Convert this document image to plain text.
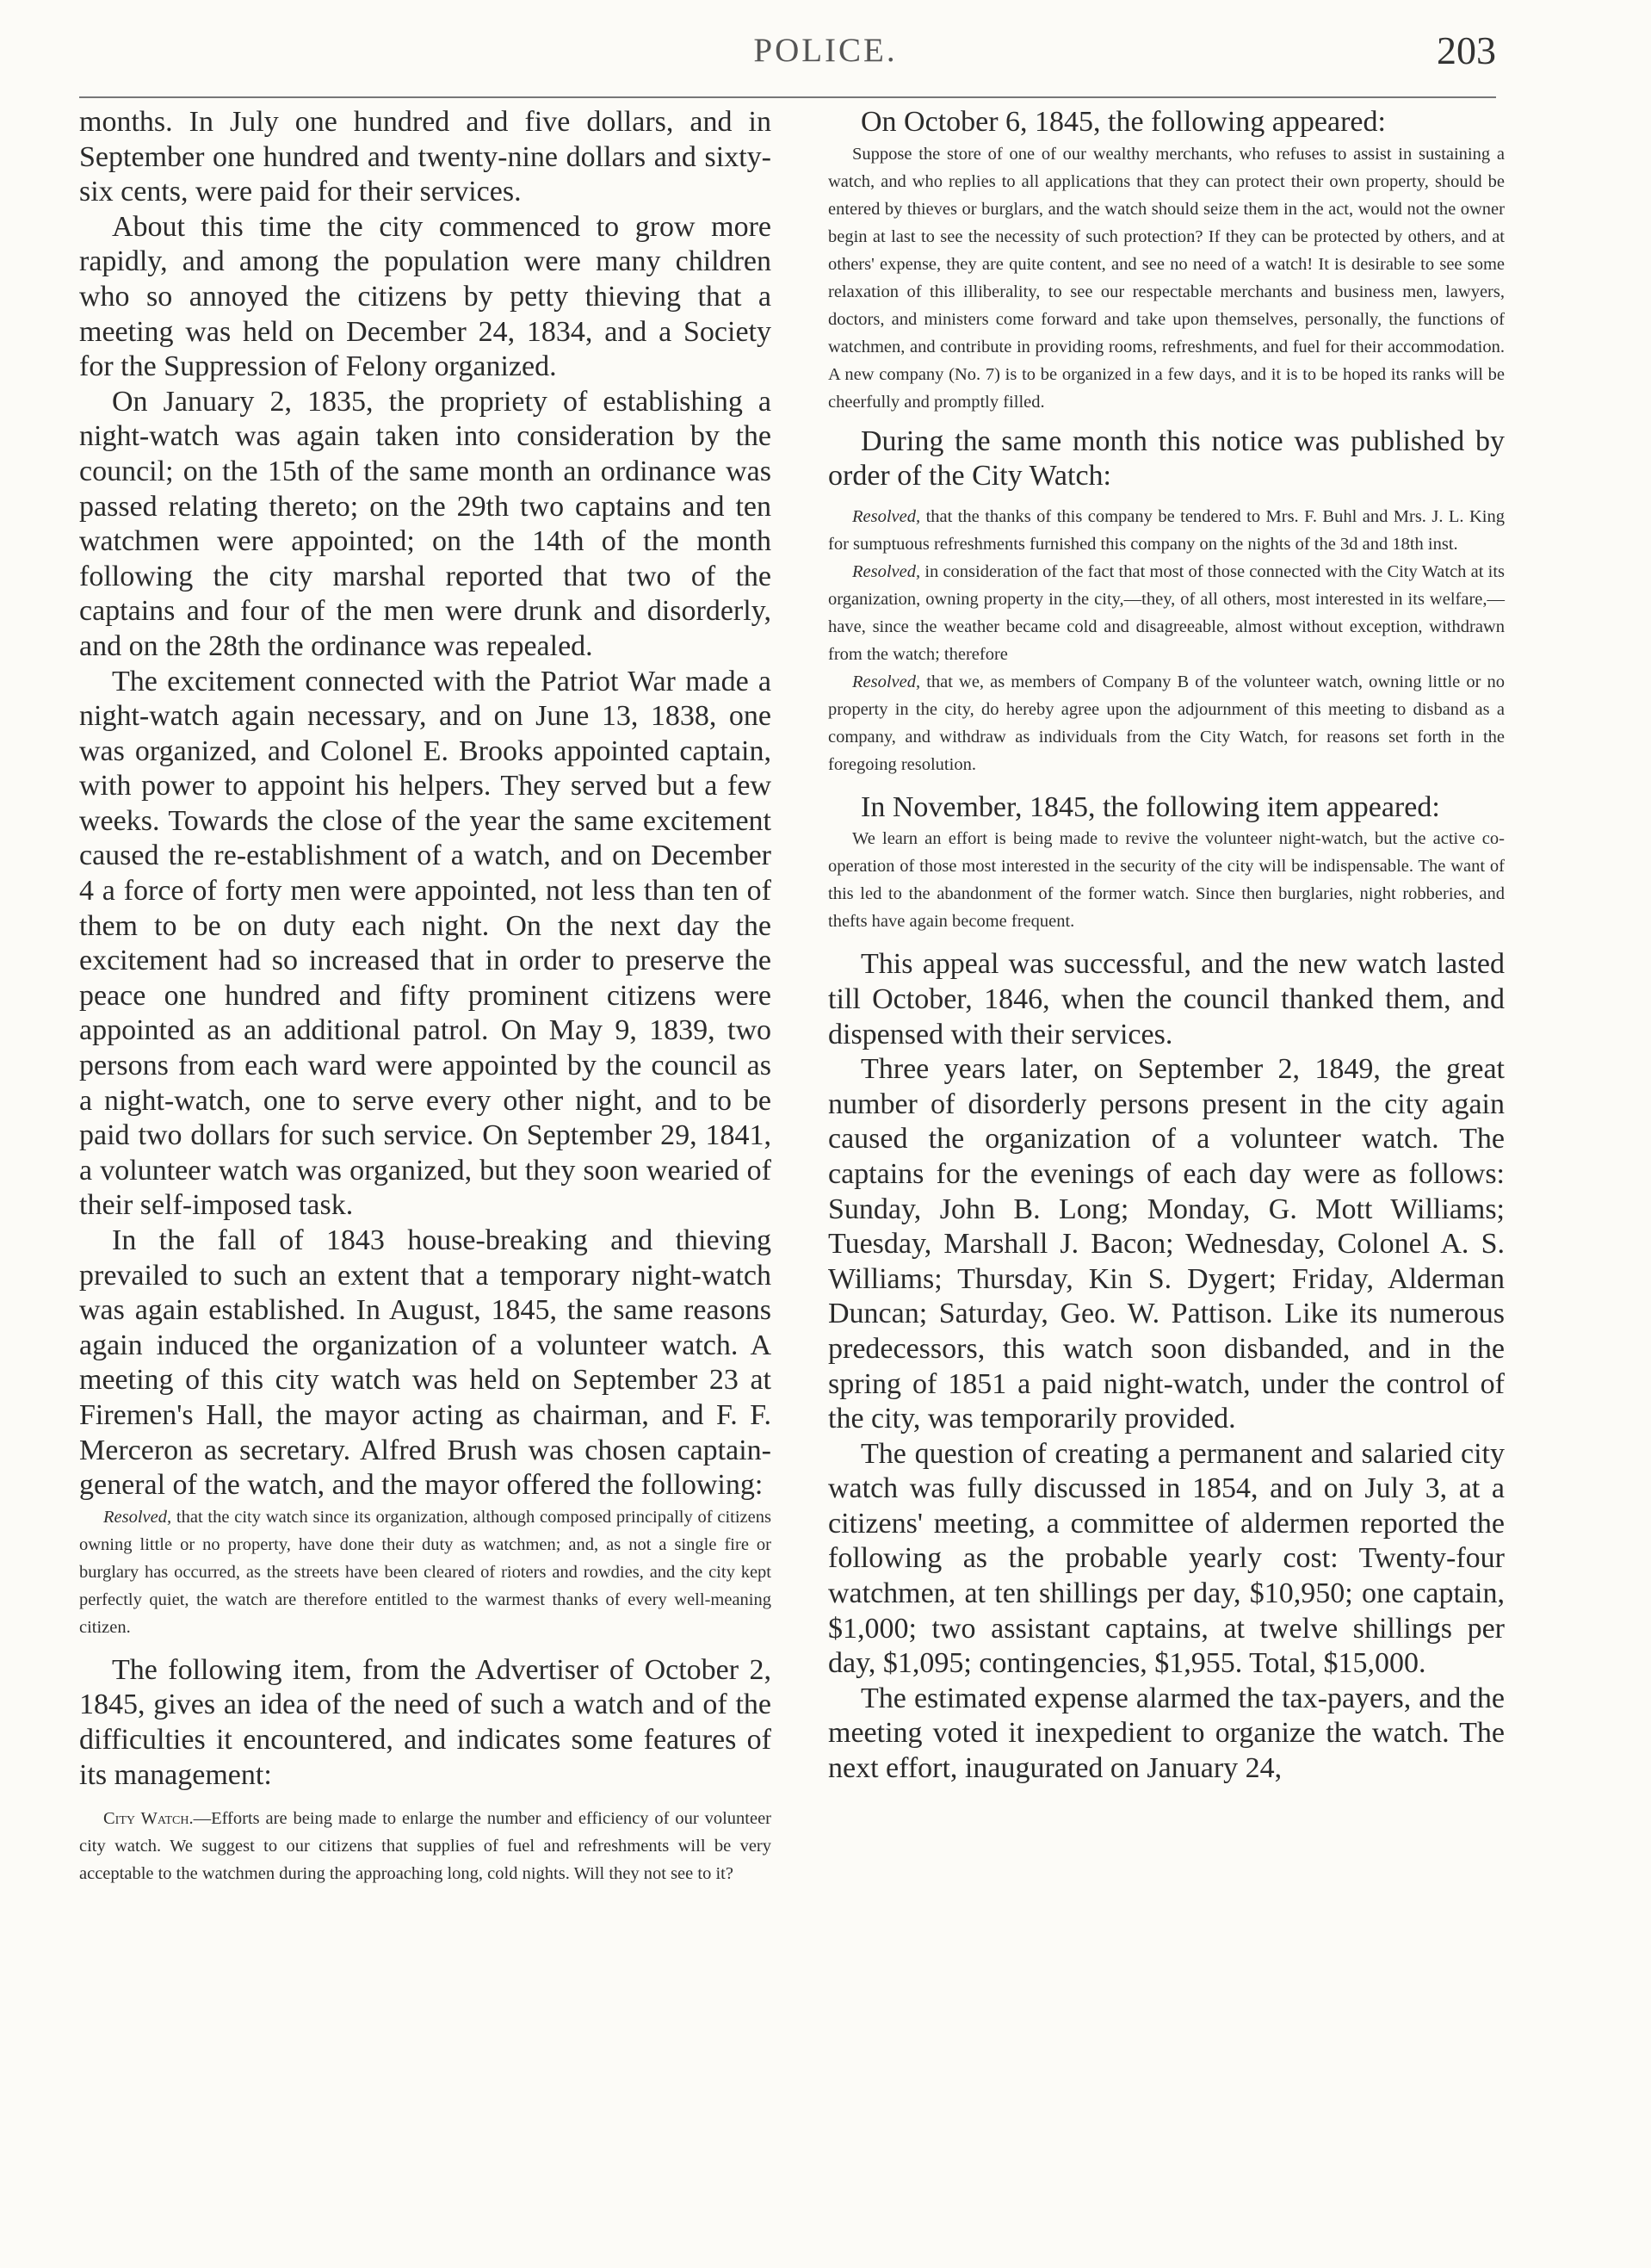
POLICE.	203

months. In July one hundred and five dollars, and in September one hundred and twenty-nine dollars and sixty-six cents, were paid for their services.

About this time the city commenced to grow more rapidly, and among the population were many children who so annoyed the citizens by petty thieving that a meeting was held on December 24, 1834, and a Society for the Suppression of Felony organized.

On January 2, 1835, the propriety of establishing a night-watch was again taken into consideration by the council; on the 15th of the same month an ordinance was passed relating thereto; on the 29th two captains and ten watchmen were appointed; on the 14th of the month following the city marshal reported that two of the captains and four of the men were drunk and disorderly, and on the 28th the ordinance was repealed.

The excitement connected with the Patriot War made a night-watch again necessary, and on June 13, 1838, one was organized, and Colonel E. Brooks appointed captain, with power to appoint his helpers. They served but a few weeks. Towards the close of the year the same excitement caused the re-establishment of a watch, and on December 4 a force of forty men were appointed, not less than ten of them to be on duty each night. On the next day the excitement had so increased that in order to preserve the peace one hundred and fifty prominent citizens were appointed as an additional patrol. On May 9, 1839, two persons from each ward were appointed by the council as a night-watch, one to serve every other night, and to be paid two dollars for such service. On September 29, 1841, a volunteer watch was organized, but they soon wearied of their self-imposed task.

In the fall of 1843 house-breaking and thieving prevailed to such an extent that a temporary night-watch was again established. In August, 1845, the same reasons again induced the organization of a volunteer watch. A meeting of this city watch was held on September 23 at Firemen's Hall, the mayor acting as chairman, and F. F. Merceron as secretary. Alfred Brush was chosen captain-general of the watch, and the mayor offered the following:

Resolved, that the city watch since its organization, although composed principally of citizens owning little or no property, have done their duty as watchmen; and, as not a single fire or burglary has occurred, as the streets have been cleared of rioters and rowdies, and the city kept perfectly quiet, the watch are therefore entitled to the warmest thanks of every well-meaning citizen.

The following item, from the Advertiser of October 2, 1845, gives an idea of the need of such a watch and of the difficulties it encountered, and indicates some features of its management:

City Watch.—Efforts are being made to enlarge the number and efficiency of our volunteer city watch. We suggest to our citizens that supplies of fuel and refreshments will be very acceptable to the watchmen during the approaching long, cold nights. Will they not see to it?

On October 6, 1845, the following appeared:

Suppose the store of one of our wealthy merchants, who refuses to assist in sustaining a watch, and who replies to all applications that they can protect their own property, should be entered by thieves or burglars, and the watch should seize them in the act, would not the owner begin at last to see the necessity of such protection? If they can be protected by others, and at others' expense, they are quite content, and see no need of a watch! It is desirable to see some relaxation of this illiberality, to see our respectable merchants and business men, lawyers, doctors, and ministers come forward and take upon themselves, personally, the functions of watchmen, and contribute in providing rooms, refreshments, and fuel for their accommodation. A new company (No. 7) is to be organized in a few days, and it is to be hoped its ranks will be cheerfully and promptly filled.

During the same month this notice was published by order of the City Watch:

Resolved, that the thanks of this company be tendered to Mrs. F. Buhl and Mrs. J. L. King for sumptuous refreshments furnished this company on the nights of the 3d and 18th inst.

Resolved, in consideration of the fact that most of those connected with the City Watch at its organization, owning property in the city,—they, of all others, most interested in its welfare,—have, since the weather became cold and disagreeable, almost without exception, withdrawn from the watch; therefore

Resolved, that we, as members of Company B of the volunteer watch, owning little or no property in the city, do hereby agree upon the adjournment of this meeting to disband as a company, and withdraw as individuals from the City Watch, for reasons set forth in the foregoing resolution.

In November, 1845, the following item appeared:

We learn an effort is being made to revive the volunteer night-watch, but the active co-operation of those most interested in the security of the city will be indispensable. The want of this led to the abandonment of the former watch. Since then burglaries, night robberies, and thefts have again become frequent.

This appeal was successful, and the new watch lasted till October, 1846, when the council thanked them, and dispensed with their services.

Three years later, on September 2, 1849, the great number of disorderly persons present in the city again caused the organization of a volunteer watch. The captains for the evenings of each day were as follows: Sunday, John B. Long; Monday, G. Mott Williams; Tuesday, Marshall J. Bacon; Wednesday, Colonel A. S. Williams; Thursday, Kin S. Dygert; Friday, Alderman Duncan; Saturday, Geo. W. Pattison. Like its numerous predecessors, this watch soon disbanded, and in the spring of 1851 a paid night-watch, under the control of the city, was temporarily provided.

The question of creating a permanent and salaried city watch was fully discussed in 1854, and on July 3, at a citizens' meeting, a committee of aldermen reported the following as the probable yearly cost: Twenty-four watchmen, at ten shillings per day, $10,950; one captain, $1,000; two assistant captains, at twelve shillings per day, $1,095; contingencies, $1,955. Total, $15,000.

The estimated expense alarmed the tax-payers, and the meeting voted it inexpedient to organize the watch. The next effort, inaugurated on January 24,
